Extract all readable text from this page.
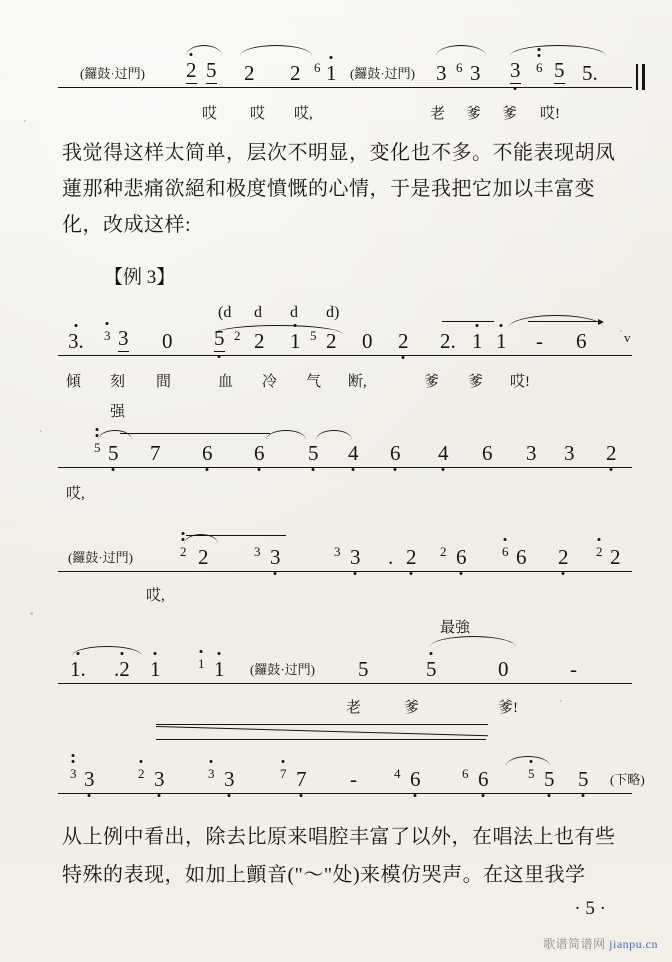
(鑼鼓·过門) 2 5 2 2 6 1 (鑼鼓·过門) 3 6 3 3 6 5 5.
哎 哎 哎,	老 爹 爹 哎!
我觉得这样太简单，层次不明显，变化也不多。不能表现胡凤
蓮那种悲痛欲絕和极度憤慨的心情，于是我把它加以丰富变
化，改成这样:
【例 3】
(d d d d)
3. 3 3 0 5 2 2 1 5 2 0 2 2. 1 1 - 6	v
傾 刻 間	血 冷 气 断,	爹 爹 哎!
强
5 5 7 6 6 5 4 6 4 6 3 3 2
哎,
(鑼鼓·过門)	2 2	3 3	3 3 . 2 2 6	6 6 2 2 2
哎,
最強
1. .2 1	1 1 (鑼鼓·过門) 5	5	0	-
老	爹	爹!
3 3	2 3	3 3	7 7 -	4 6	6 6	5 5 5 (下略)
从上例中看出，除去比原来唱腔丰富了以外，在唱法上也有些
特殊的表现，如加上顫音("～"处)来模仿哭声。在这里我学
· 5 ·
歌谱简谱网 jianpu.cn
